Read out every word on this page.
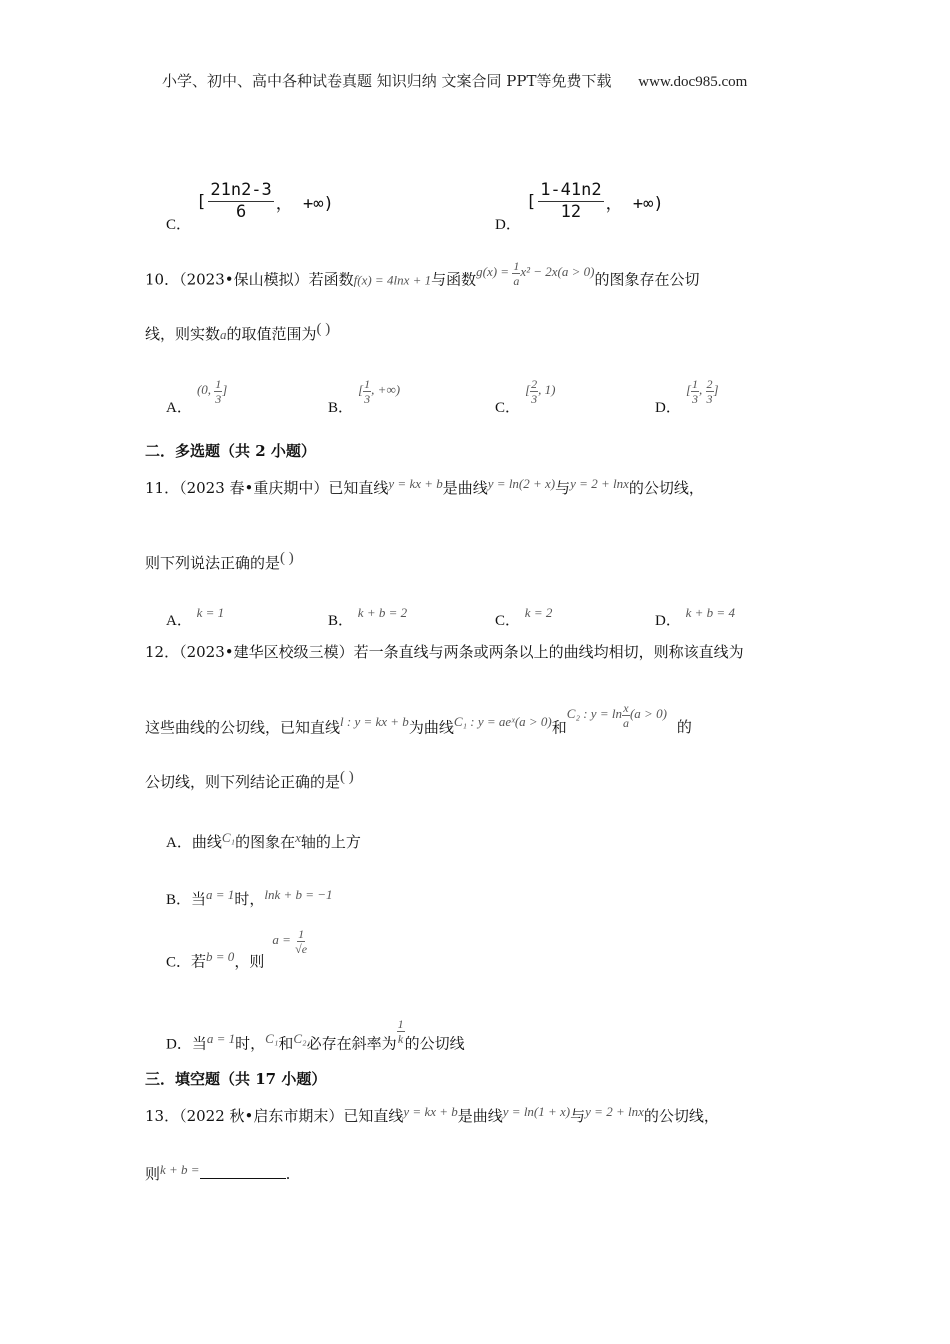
小学、初中、高中各种试卷真题 知识归纳 文案合同 PPT等免费下载 www.doc985.com
C．
[ $\frac{21n2-3}{6}$ ， +∞)
D．
[ $\frac{1-41n2}{12}$ ， +∞)
10．（2023•保山模拟）若函数f(x) = 4lnx + 1与函数$g(x) = \frac{1}{a} x^2 - 2x(a > 0)$的图象存在公切
线，则实数a的取值范围为( )
A． (0, $\frac{1}{3}$ ]
B． [ $\frac{1}{3}$ , +∞)
C． [ $\frac{2}{3}$ , 1)
D． [ $\frac{1}{3}$ , $\frac{2}{3}$ ]
二．多选题（共 2 小题）
11．（2023 春•重庆期中）已知直线y = kx + b是曲线y = ln(2 + x)与y = 2 + lnx的公切线，
则下列说法正确的是( )
A． k = 1
B． k + b = 2
C． k = 2
D． k + b = 4
12．（2023•建华区校级三模）若一条直线与两条或两条以上的曲线均相切，则称该直线为
这些曲线的公切线，已知直线l : y = kx + b为曲线C₁ : y = aeˣ(a > 0)和C₂ : $y = \ln \frac{x}{a} (a > 0)$的
公切线，则下列结论正确的是( )
A．曲线C₁的图象在x轴的上方
B．当a = 1时，lnk + b = −1
C．若b = 0，则$a = \frac{1}{√e}$
D．当a = 1时，C₁和C₂必存在斜率为 $\frac{1}{k}$ 的公切线
三．填空题（共 17 小题）
13．（2022 秋•启东市期末）已知直线y = kx + b是曲线y = ln(1 + x)与y = 2 + lnx的公切线，
则k + b =	.
